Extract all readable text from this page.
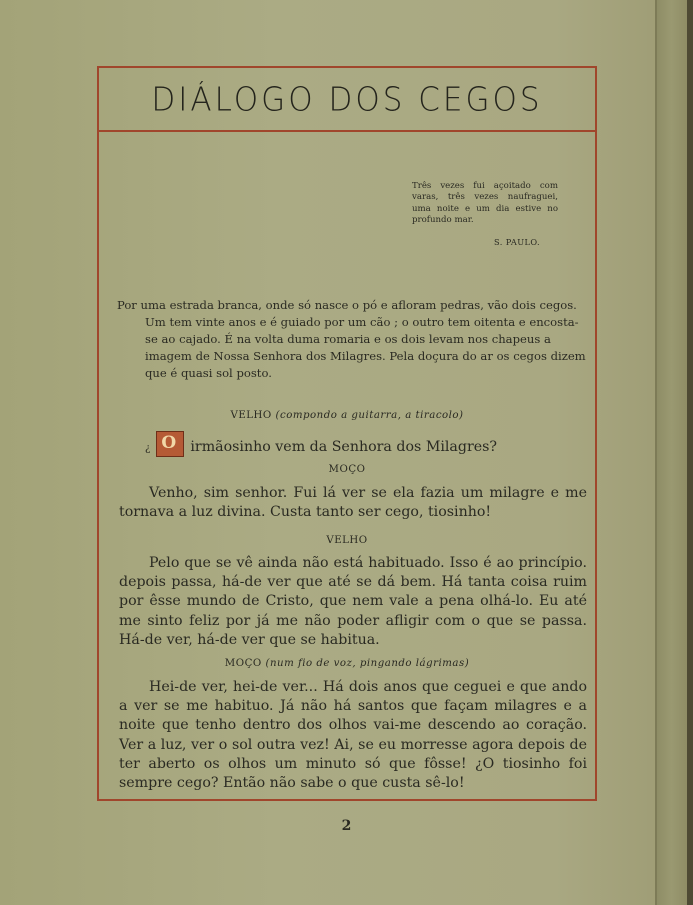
DIÁLOGO DOS CEGOS
Três vezes fui açoitado com varas, três vezes naufraguei, uma noite e um dia estive no profundo mar.
S. PAULO.

Por uma estrada branca, onde só nasce o pó e afloram pedras, vão dois cegos.

Um tem vinte anos e é guiado por um cão ; o outro tem oitenta e encosta-se ao cajado. É na volta duma romaria e os dois levam nos chapeus a imagem de Nossa Senhora dos Milagres. Pela doçura do ar os cegos dizem que é quasi sol posto.

VELHO (compondo a guitarra, a tiracolo)
¿O	irmãosinho vem da Senhora dos Milagres?
MOÇO
Venho, sim senhor. Fui lá ver se ela fazia um milagre e me tornava a luz divina. Custa tanto ser cego, tiosinho!
VELHO
Pelo que se vê ainda não está habituado. Isso é ao princípio. depois passa, há-de ver que até se dá bem. Há tanta coisa ruim por êsse mundo de Cristo, que nem vale a pena olhá-lo. Eu até me sinto feliz por já me não poder afligir com o que se passa. Há-de ver, há-de ver que se habitua.
MOÇO (num fio de voz, pingando lágrimas)
Hei-de ver, hei-de ver... Há dois anos que ceguei e que ando a ver se me habituo. Já não há santos que façam milagres e a noite que tenho dentro dos olhos vai-me descendo ao coração. Ver a luz, ver o sol outra vez! Ai, se eu morresse agora depois de ter aberto os olhos um minuto só que fôsse! ¿O tiosinho foi sempre cego? Então não sabe o que custa sê-lo!
2
